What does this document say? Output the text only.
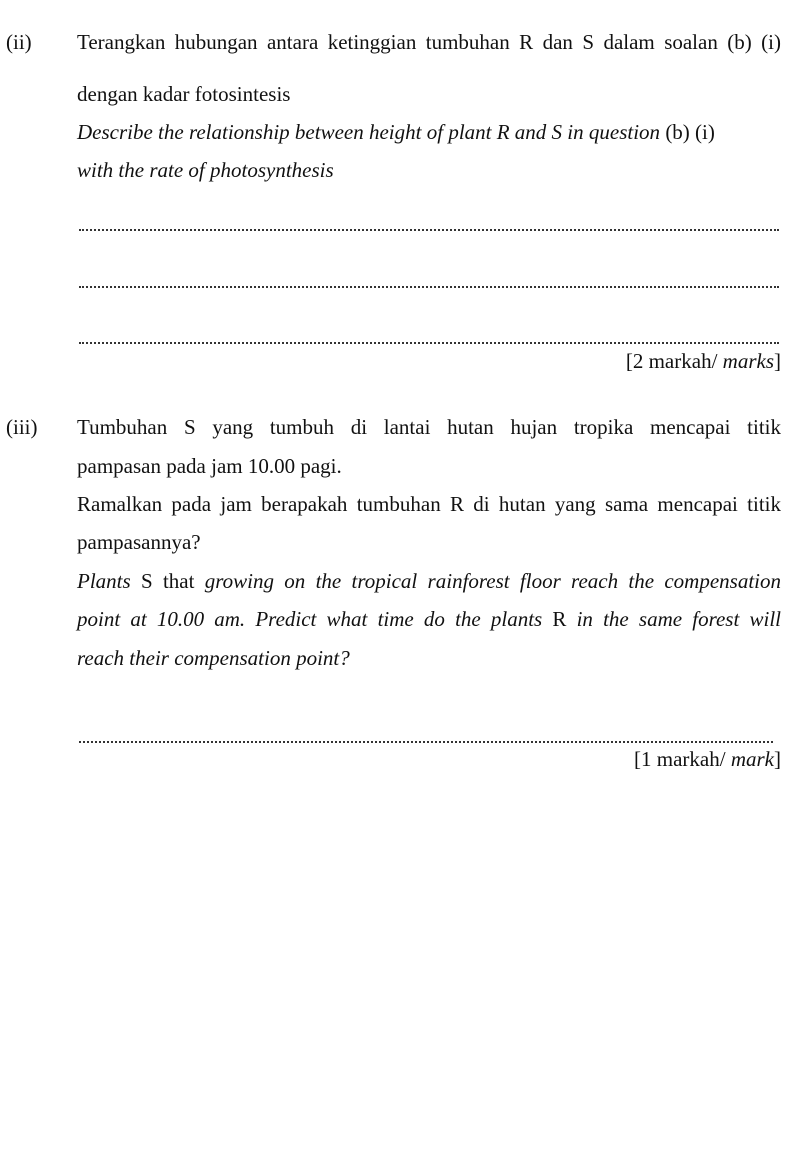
(ii) Terangkan hubungan antara ketinggian tumbuhan R dan S dalam soalan (b) (i)
dengan kadar fotosintesis
Describe the relationship between height of plant R and S in question (b) (i)
with the rate of photosynthesis
[2 markah/ marks]
(iii) Tumbuhan S yang tumbuh di lantai hutan hujan tropika mencapai titik
pampasan pada jam 10.00 pagi.
Ramalkan pada jam berapakah tumbuhan R di hutan yang sama mencapai titik
pampasannya?
Plants S that growing on the tropical rainforest floor reach the compensation
point at 10.00 am. Predict what time do the plants R in the same forest will
reach their compensation point?
[1 markah/ mark]
